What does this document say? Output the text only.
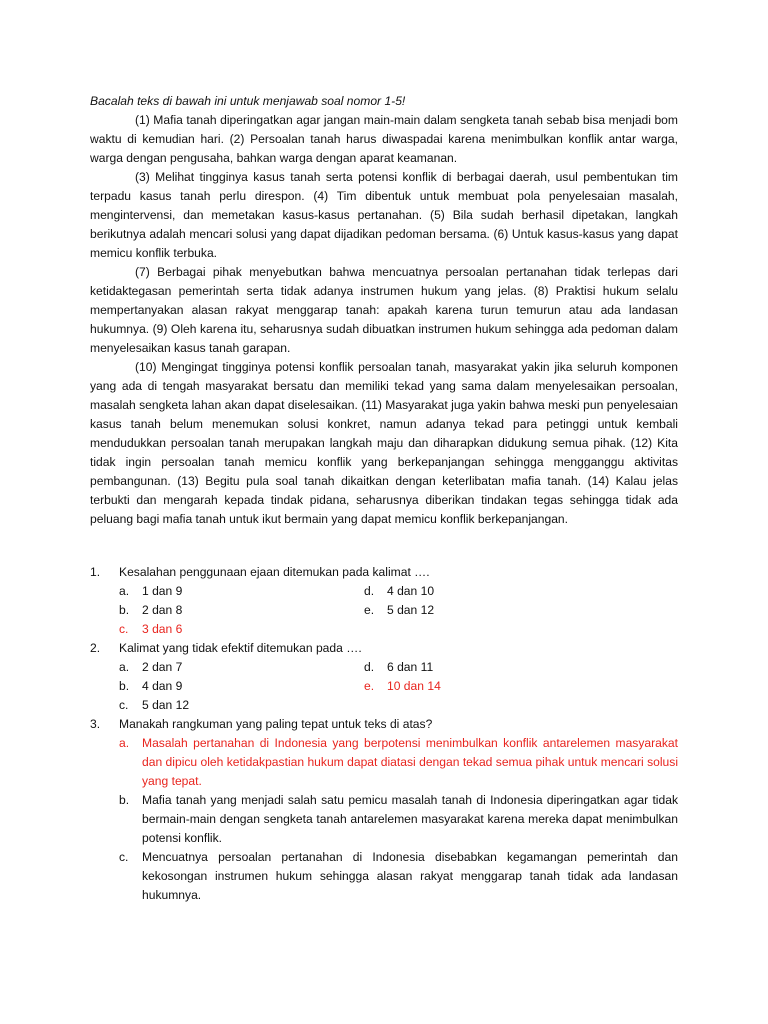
Bacalah teks di bawah ini untuk menjawab soal nomor 1-5!

(1) Mafia tanah diperingatkan agar jangan main-main dalam sengketa tanah sebab bisa menjadi bom waktu di kemudian hari. (2) Persoalan tanah harus diwaspadai karena menimbulkan konflik antar warga, warga dengan pengusaha, bahkan warga dengan aparat keamanan.

(3) Melihat tingginya kasus tanah serta potensi konflik di berbagai daerah, usul pembentukan tim terpadu kasus tanah perlu direspon. (4) Tim dibentuk untuk membuat pola penyelesaian masalah, mengintervensi, dan memetakan kasus-kasus pertanahan. (5) Bila sudah berhasil dipetakan, langkah berikutnya adalah mencari solusi yang dapat dijadikan pedoman bersama. (6) Untuk kasus-kasus yang dapat memicu konflik terbuka.

(7) Berbagai pihak menyebutkan bahwa mencuatnya persoalan pertanahan tidak terlepas dari ketidaktegasan pemerintah serta tidak adanya instrumen hukum yang jelas. (8) Praktisi hukum selalu mempertanyakan alasan rakyat menggarap tanah: apakah karena turun temurun atau ada landasan hukumnya. (9) Oleh karena itu, seharusnya sudah dibuatkan instrumen hukum sehingga ada pedoman dalam menyelesaikan kasus tanah garapan.

(10) Mengingat tingginya potensi konflik persoalan tanah, masyarakat yakin jika seluruh komponen yang ada di tengah masyarakat bersatu dan memiliki tekad yang sama dalam menyelesaikan persoalan, masalah sengketa lahan akan dapat diselesaikan. (11) Masyarakat juga yakin bahwa meski pun penyelesaian kasus tanah belum menemukan solusi konkret, namun adanya tekad para petinggi untuk kembali mendudukkan persoalan tanah merupakan langkah maju dan diharapkan didukung semua pihak. (12) Kita tidak ingin persoalan tanah memicu konflik yang berkepanjangan sehingga mengganggu aktivitas pembangunan. (13) Begitu pula soal tanah dikaitkan dengan keterlibatan mafia tanah. (14) Kalau jelas terbukti dan mengarah kepada tindak pidana, seharusnya diberikan tindakan tegas sehingga tidak ada peluang bagi mafia tanah untuk ikut bermain yang dapat memicu konflik berkepanjangan.

1.	Kesalahan penggunaan ejaan ditemukan pada kalimat ….
a.	1 dan 9	d.	4 dan 10
b.	2 dan 8	e.	5 dan 12
c.	3 dan 6
2.	Kalimat yang tidak efektif ditemukan pada ….
a.	2 dan 7	d.	6 dan 11
b.	4 dan 9	e.	10 dan 14
c.	5 dan 12
3.	Manakah rangkuman yang paling tepat untuk teks di atas?
a.	Masalah pertanahan di Indonesia yang berpotensi menimbulkan konflik antarelemen masyarakat dan dipicu oleh ketidakpastian hukum dapat diatasi dengan tekad semua pihak untuk mencari solusi yang tepat.
b.	Mafia tanah yang menjadi salah satu pemicu masalah tanah di Indonesia diperingatkan agar tidak bermain-main dengan sengketa tanah antarelemen masyarakat karena mereka dapat menimbulkan potensi konflik.
c.	Mencuatnya persoalan pertanahan di Indonesia disebabkan kegamangan pemerintah dan kekosongan instrumen hukum sehingga alasan rakyat menggarap tanah tidak ada landasan hukumnya.
